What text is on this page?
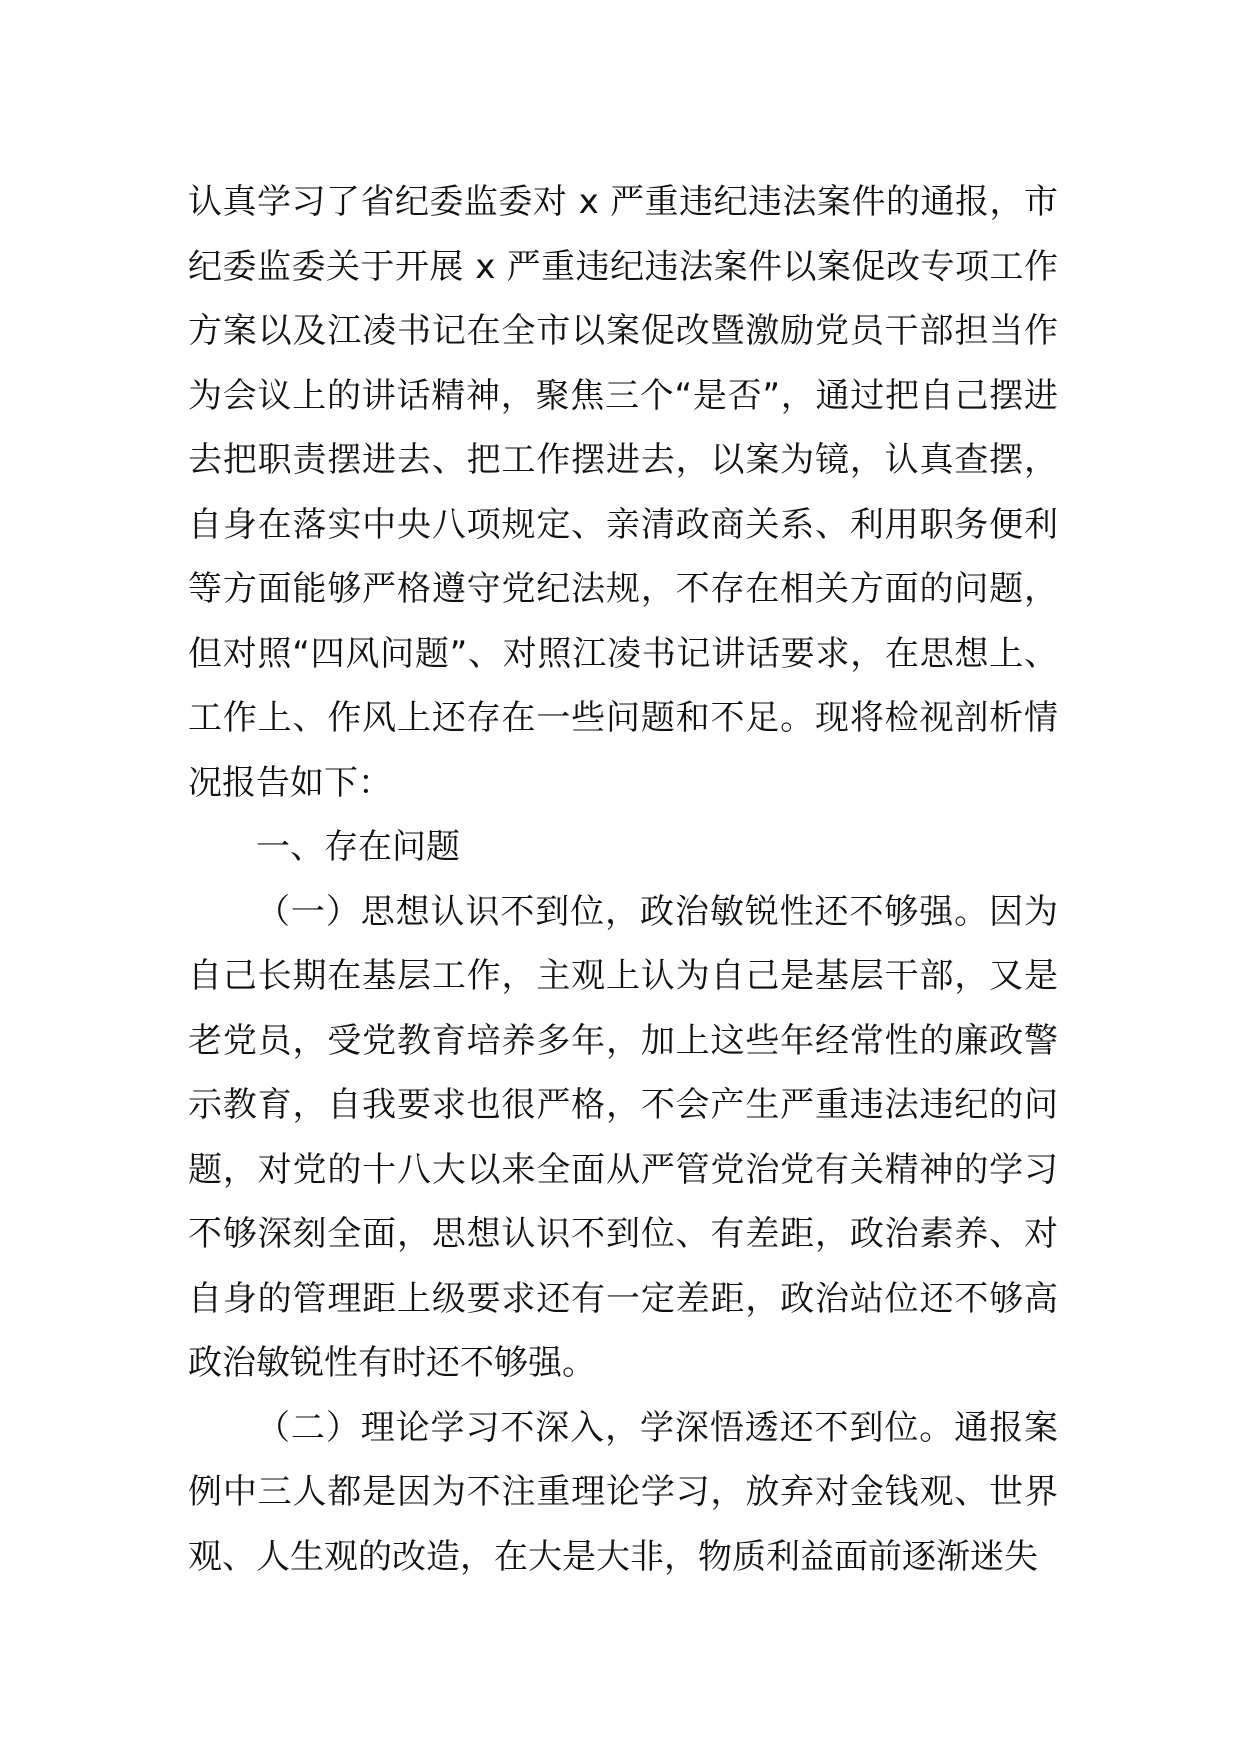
认真学习了省纪委监委对 x 严重违纪违法案件的通报，市纪委监委关于开展 x 严重违纪违法案件以案促改专项工作方案以及江凌书记在全市以案促改暨激励党员干部担当作为会议上的讲话精神，聚焦三个“是否”，通过把自己摆进去把职责摆进去、把工作摆进去，以案为镜，认真查摆，自身在落实中央八项规定、亲清政商关系、利用职务便利等方面能够严格遵守党纪法规，不存在相关方面的问题，但对照“四风问题”、对照江凌书记讲话要求，在思想上、工作上、作风上还存在一些问题和不足。现将检视剖析情况报告如下：

一、存在问题

（一）思想认识不到位，政治敏锐性还不够强。因为自己长期在基层工作，主观上认为自己是基层干部，又是老党员，受党教育培养多年，加上这些年经常性的廉政警示教育，自我要求也很严格，不会产生严重违法违纪的问题，对党的十八大以来全面从严管党治党有关精神的学习不够深刻全面，思想认识不到位、有差距，政治素养、对自身的管理距上级要求还有一定差距，政治站位还不够高政治敏锐性有时还不够强。

（二）理论学习不深入，学深悟透还不到位。通报案例中三人都是因为不注重理论学习，放弃对金钱观、世界观、人生观的改造，在大是大非，物质利益面前逐渐迷失
